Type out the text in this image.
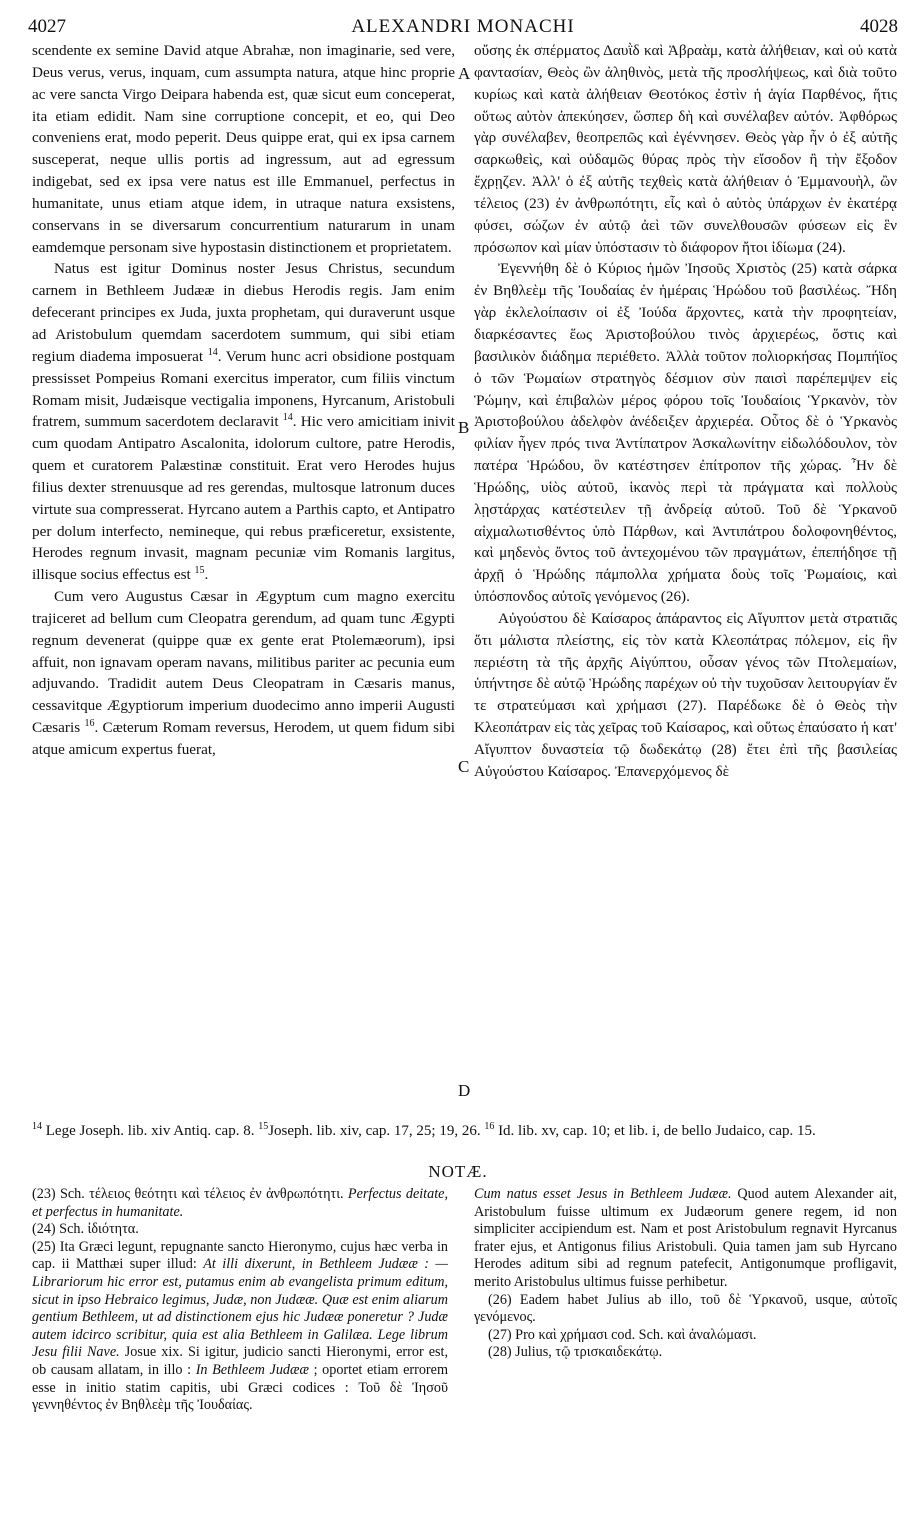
4027	ALEXANDRI MONACHI	4028

scendente ex semine David atque Abrahæ, non imaginarie, sed vere, Deus verus, verus, inquam, cum assumpta natura, atque hinc proprie ac vere sancta Virgo Deipara habenda est, quæ sicut eum conceperat, ita etiam edidit. Nam sine corruptione concepit, et eo, qui Deo conveniens erat, modo peperit. Deus quippe erat, qui ex ipsa carnem susceperat, neque ullis portis ad ingressum, aut ad egressum indigebat, sed ex ipsa vere natus est ille Emmanuel, perfectus in humanitate, unus etiam atque idem, in utraque natura exsistens, conservans in se diversarum concurrentium naturarum in unam eamdemque personam sive hypostasin distinctionem et proprietatem.

Natus est igitur Dominus noster Jesus Christus, secundum carnem in Bethleem Judææ in diebus Herodis regis. Jam enim defecerant principes ex Juda, juxta prophetam, qui duraverunt usque ad Aristobulum quemdam sacerdotem summum, qui sibi etiam regium diadema imposuerat $^{14}$. Verum hunc acri obsidione postquam pressisset Pompeius Romani exercitus imperator, cum filiis vinctum Romam misit, Judæisque vectigalia imponens, Hyrcanum, Aristobuli fratrem, summum sacerdotem declaravit $^{14}$. Hic vero amicitiam inivit cum quodam Antipatro Ascalonita, idolorum cultore, patre Herodis, quem et curatorem Palæstinæ constituit. Erat vero Herodes hujus filius dexter strenuusque ad res gerendas, multosque latronum duces virtute sua compresserat. Hyrcano autem a Parthis capto, et Antipatro per dolum interfecto, nemineque, qui rebus præficeretur, exsistente, Herodes regnum invasit, magnam pecuniæ vim Romanis largitus, illisque socius effectus est $^{15}$.

Cum vero Augustus Cæsar in Ægyptum cum magno exercitu trajiceret ad bellum cum Cleopatra gerendum, ad quam tunc Ægypti regnum devenerat (quippe quæ ex gente erat Ptolemæorum), ipsi affuit, non ignavam operam navans, militibus pariter ac pecunia eum adjuvando. Tradidit autem Deus Cleopatram in Cæsaris manus, cessavitque Ægyptiorum imperium duodecimo anno imperii Augusti Cæsaris $^{16}$. Cæterum Romam reversus, Herodem, ut quem fidum sibi atque amicum expertus fuerat,

A
B
C
D

οὔσης ἐκ σπέρματος Δαυῒδ καὶ Ἀβραὰμ, κατὰ ἀλήθειαν, καὶ οὐ κατὰ φαντασίαν, Θεὸς ὢν ἀληθινὸς, μετὰ τῆς προσλήψεως, καὶ διὰ τοῦτο κυρίως καὶ κατὰ ἀλήθειαν Θεοτόκος ἐστὶν ἡ ἁγία Παρθένος, ἥτις οὕτως αὐτὸν ἀπεκύησεν, ὥσπερ δὴ καὶ συνέλαβεν αὐτόν. Ἀφθόρως γὰρ συνέλαβεν, θεοπρεπῶς καὶ ἐγέννησεν. Θεὸς γὰρ ἦν ὁ ἐξ αὐτῆς σαρκωθεὶς, καὶ οὐδαμῶς θύρας πρὸς τὴν εἴσοδον ἢ τὴν ἔξοδον ἔχρῃζεν. Ἀλλ' ὁ ἐξ αὐτῆς τεχθεὶς κατὰ ἀλήθειαν ὁ Ἐμμανουὴλ, ὢν τέλειος (23) ἐν ἀνθρωπότητι, εἷς καὶ ὁ αὐτὸς ὑπάρχων ἐν ἑκατέρᾳ φύσει, σώζων ἐν αὐτῷ ἀεὶ τῶν συνελθουσῶν φύσεων εἰς ἓν πρόσωπον καὶ μίαν ὑπόστασιν τὸ διάφορον ἤτοι ἰδίωμα (24).

Ἐγεννήθη δὲ ὁ Κύριος ἡμῶν Ἰησοῦς Χριστὸς (25) κατὰ σάρκα ἐν Βηθλεὲμ τῆς Ἰουδαίας ἐν ἡμέραις Ἡρώδου τοῦ βασιλέως. Ἤδη γὰρ ἐκλελοίπασιν οἱ ἐξ Ἰούδα ἄρχοντες, κατὰ τὴν προφητείαν, διαρκέσαντες ἕως Ἀριστοβούλου τινὸς ἀρχιερέως, ὅστις καὶ βασιλικὸν διάδημα περιέθετο. Ἀλλὰ τοῦτον πολιορκήσας Πομπήϊος ὁ τῶν Ῥωμαίων στρατηγὸς δέσμιον σὺν παισὶ παρέπεμψεν εἰς Ῥώμην, καὶ ἐπιβαλὼν μέρος φόρου τοῖς Ἰουδαίοις Ὑρκανὸν, τὸν Ἀριστοβούλου ἀδελφὸν ἀνέδειξεν ἀρχιερέα. Οὗτος δὲ ὁ Ὑρκανὸς φιλίαν ἦγεν πρός τινα Ἀντίπατρον Ἀσκαλωνίτην εἰδωλόδουλον, τὸν πατέρα Ἡρώδου, ὃν κατέστησεν ἐπίτροπον τῆς χώρας. Ἦν δὲ Ἡρώδης, υἱὸς αὐτοῦ, ἱκανὸς περὶ τὰ πράγματα καὶ πολλοὺς λῃστάρχας κατέστειλεν τῇ ἀνδρείᾳ αὐτοῦ. Τοῦ δὲ Ὑρκανοῦ αἰχμαλωτισθέντος ὑπὸ Πάρθων, καὶ Ἀντιπάτρου δολοφονηθέντος, καὶ μηδενὸς ὄντος τοῦ ἀντεχομένου τῶν πραγμάτων, ἐπεπήδησε τῇ ἀρχῇ ὁ Ἡρώδης πάμπολλα χρήματα δοὺς τοῖς Ῥωμαίοις, καὶ ὑπόσπονδος αὐτοῖς γενόμενος (26).

Αὐγούστου δὲ Καίσαρος ἀπάραντος εἰς Αἴγυπτον μετὰ στρατιᾶς ὅτι μάλιστα πλείστης, εἰς τὸν κατὰ Κλεοπάτρας πόλεμον, εἰς ἣν περιέστη τὰ τῆς ἀρχῆς Αἰγύπτου, οὖσαν γένος τῶν Πτολεμαίων, ὑπήντησε δὲ αὐτῷ Ἡρώδης παρέχων οὐ τὴν τυχοῦσαν λειτουργίαν ἔν τε στρατεύμασι καὶ χρήμασι (27). Παρέδωκε δὲ ὁ Θεὸς τὴν Κλεοπάτραν εἰς τὰς χεῖρας τοῦ Καίσαρος, καὶ οὕτως ἐπαύσατο ἡ κατ' Αἴγυπτον δυναστεία τῷ δωδεκάτῳ (28) ἔτει ἐπὶ τῆς βασιλείας Αὐγούστου Καίσαρος. Ἐπανερχόμενος δὲ

$^{14}$ Lege Joseph. lib. xiv Antiq. cap. 8. $^{15}$Joseph. lib. xiv, cap. 17, 25; 19, 26. $^{16}$ Id. lib. xv, cap. 10; et lib. i, de bello Judaico, cap. 15.
NOTÆ.

(23) Sch. τέλειος θεότητι καὶ τέλειος ἐν ἀνθρωπότητι. Perfectus deitate, et perfectus in humanitate.

(24) Sch. ἰδιότητα.

(25) Ita Græci legunt, repugnante sancto Hieronymo, cujus hæc verba in cap. ii Matthæi super illud: At illi dixerunt, in Bethleem Judææ : — Librariorum hic error est, putamus enim ab evangelista primum editum, sicut in ipso Hebraico legimus, Judæ, non Judææ. Quæ est enim aliarum gentium Bethleem, ut ad distinctionem ejus hic Judææ poneretur ? Judæ autem idcirco scribitur, quia est alia Bethleem in Galilæa. Lege librum Jesu filii Nave. Josue xix. Si igitur, judicio sancti Hieronymi, error est, ob causam allatam, in illo : In Bethleem Judææ ; oportet etiam errorem esse in initio statim capitis, ubi Græci codices : Τοῦ δὲ Ἰησοῦ γεννηθέντος ἐν Βηθλεὲμ τῆς Ἰουδαίας.

Cum natus esset Jesus in Bethleem Judææ. Quod autem Alexander ait, Aristobulum fuisse ultimum ex Judæorum genere regem, id non simpliciter accipiendum est. Nam et post Aristobulum regnavit Hyrcanus frater ejus, et Antigonus filius Aristobuli. Quia tamen jam sub Hyrcano Herodes aditum sibi ad regnum patefecit, Antigonumque profligavit, merito Aristobulus ultimus fuisse perhibetur.

(26) Eadem habet Julius ab illo, τοῦ δὲ Ὑρκανοῦ, usque, αὐτοῖς γενόμενος.

(27) Pro καὶ χρήμασι cod. Sch. καὶ ἀναλώμασι.

(28) Julius, τῷ τρισκαιδεκάτῳ.
